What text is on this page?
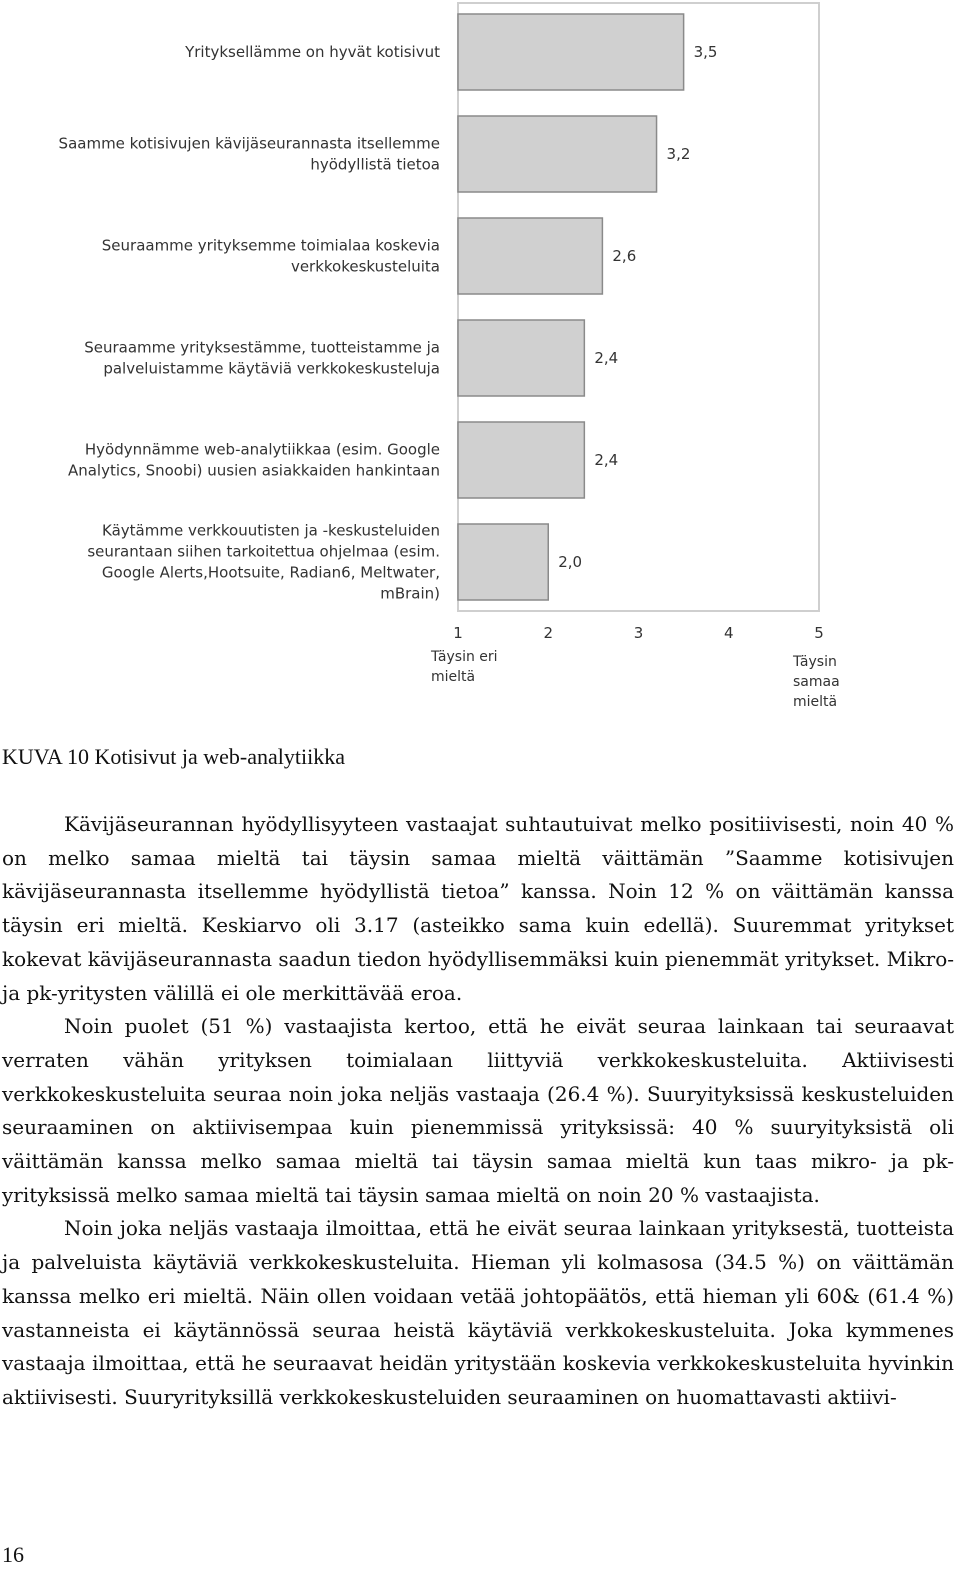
Yrityksellämme on hyvät kotisivut
Saamme kotisivujen kävijäseurannasta itsellemme
hyödyllistä tietoa
Seuraamme yrityksemme toimialaa koskevia
verkkokeskusteluita
Seuraamme yrityksestämme, tuotteistamme ja
palveluistamme käytäviä verkkokeskusteluja
Hyödynnämme web-analytiikkaa (esim. Google
Analytics, Snoobi) uusien asiakkaiden hankintaan
Käytämme verkkouutisten ja -keskusteluiden
seurantaan siihen tarkoitettua ohjelmaa (esim.
Google Alerts,Hootsuite, Radian6, Meltwater,
mBrain)
3,5
3,2
2,6
2,4
2,4
2,0
1	2	3	4	5
Täysin eri
mieltä
Täysin
samaa
mieltä
KUVA 10 Kotisivut ja web-analytiikka

Kävijäseurannan hyödyllisyyteen vastaajat suhtautuivat melko positiivisesti, noin 40 % on melko samaa mieltä tai täysin samaa mieltä väittämän ”Saamme kotisivujen kävijäseurannasta itsellemme hyödyllistä tietoa” kanssa. Noin 12 % on väittämän kanssa täysin eri mieltä. Keskiarvo oli 3.17 (asteikko sama kuin edellä). Suuremmat yritykset kokevat kävijäseurannasta saadun tiedon hyödyllisemmäksi kuin pienemmät yritykset. Mikro- ja pk-yritysten välillä ei ole merkittävää eroa.

Noin puolet (51 %) vastaajista kertoo, että he eivät seuraa lainkaan tai seuraavat verraten vähän yrityksen toimialaan liittyviä verkkokeskusteluita. Aktiivisesti verkkokeskusteluita seuraa noin joka neljäs vastaaja (26.4 %). Suuryityksissä keskusteluiden seuraaminen on aktiivisempaa kuin pienemmissä yrityksissä: 40 % suuryityksistä oli väittämän kanssa melko samaa mieltä tai täysin samaa mieltä kun taas mikro- ja pk-yrityksissä melko samaa mieltä tai täysin samaa mieltä on noin 20 % vastaajista.

Noin joka neljäs vastaaja ilmoittaa, että he eivät seuraa lainkaan yrityksestä, tuotteista ja palveluista käytäviä verkkokeskusteluita. Hieman yli kolmasosa (34.5 %) on väittämän kanssa melko eri mieltä. Näin ollen voidaan vetää johtopäätös, että hieman yli 60& (61.4 %) vastanneista ei käytännössä seuraa heistä käytäviä verkkokeskusteluita. Joka kymmenes vastaaja ilmoittaa, että he seuraavat heidän yritystään koskevia verkkokeskusteluita hyvinkin aktiivisesti. Suuryrityksillä verkkokeskusteluiden seuraaminen on huomattavasti aktiivi-

16
